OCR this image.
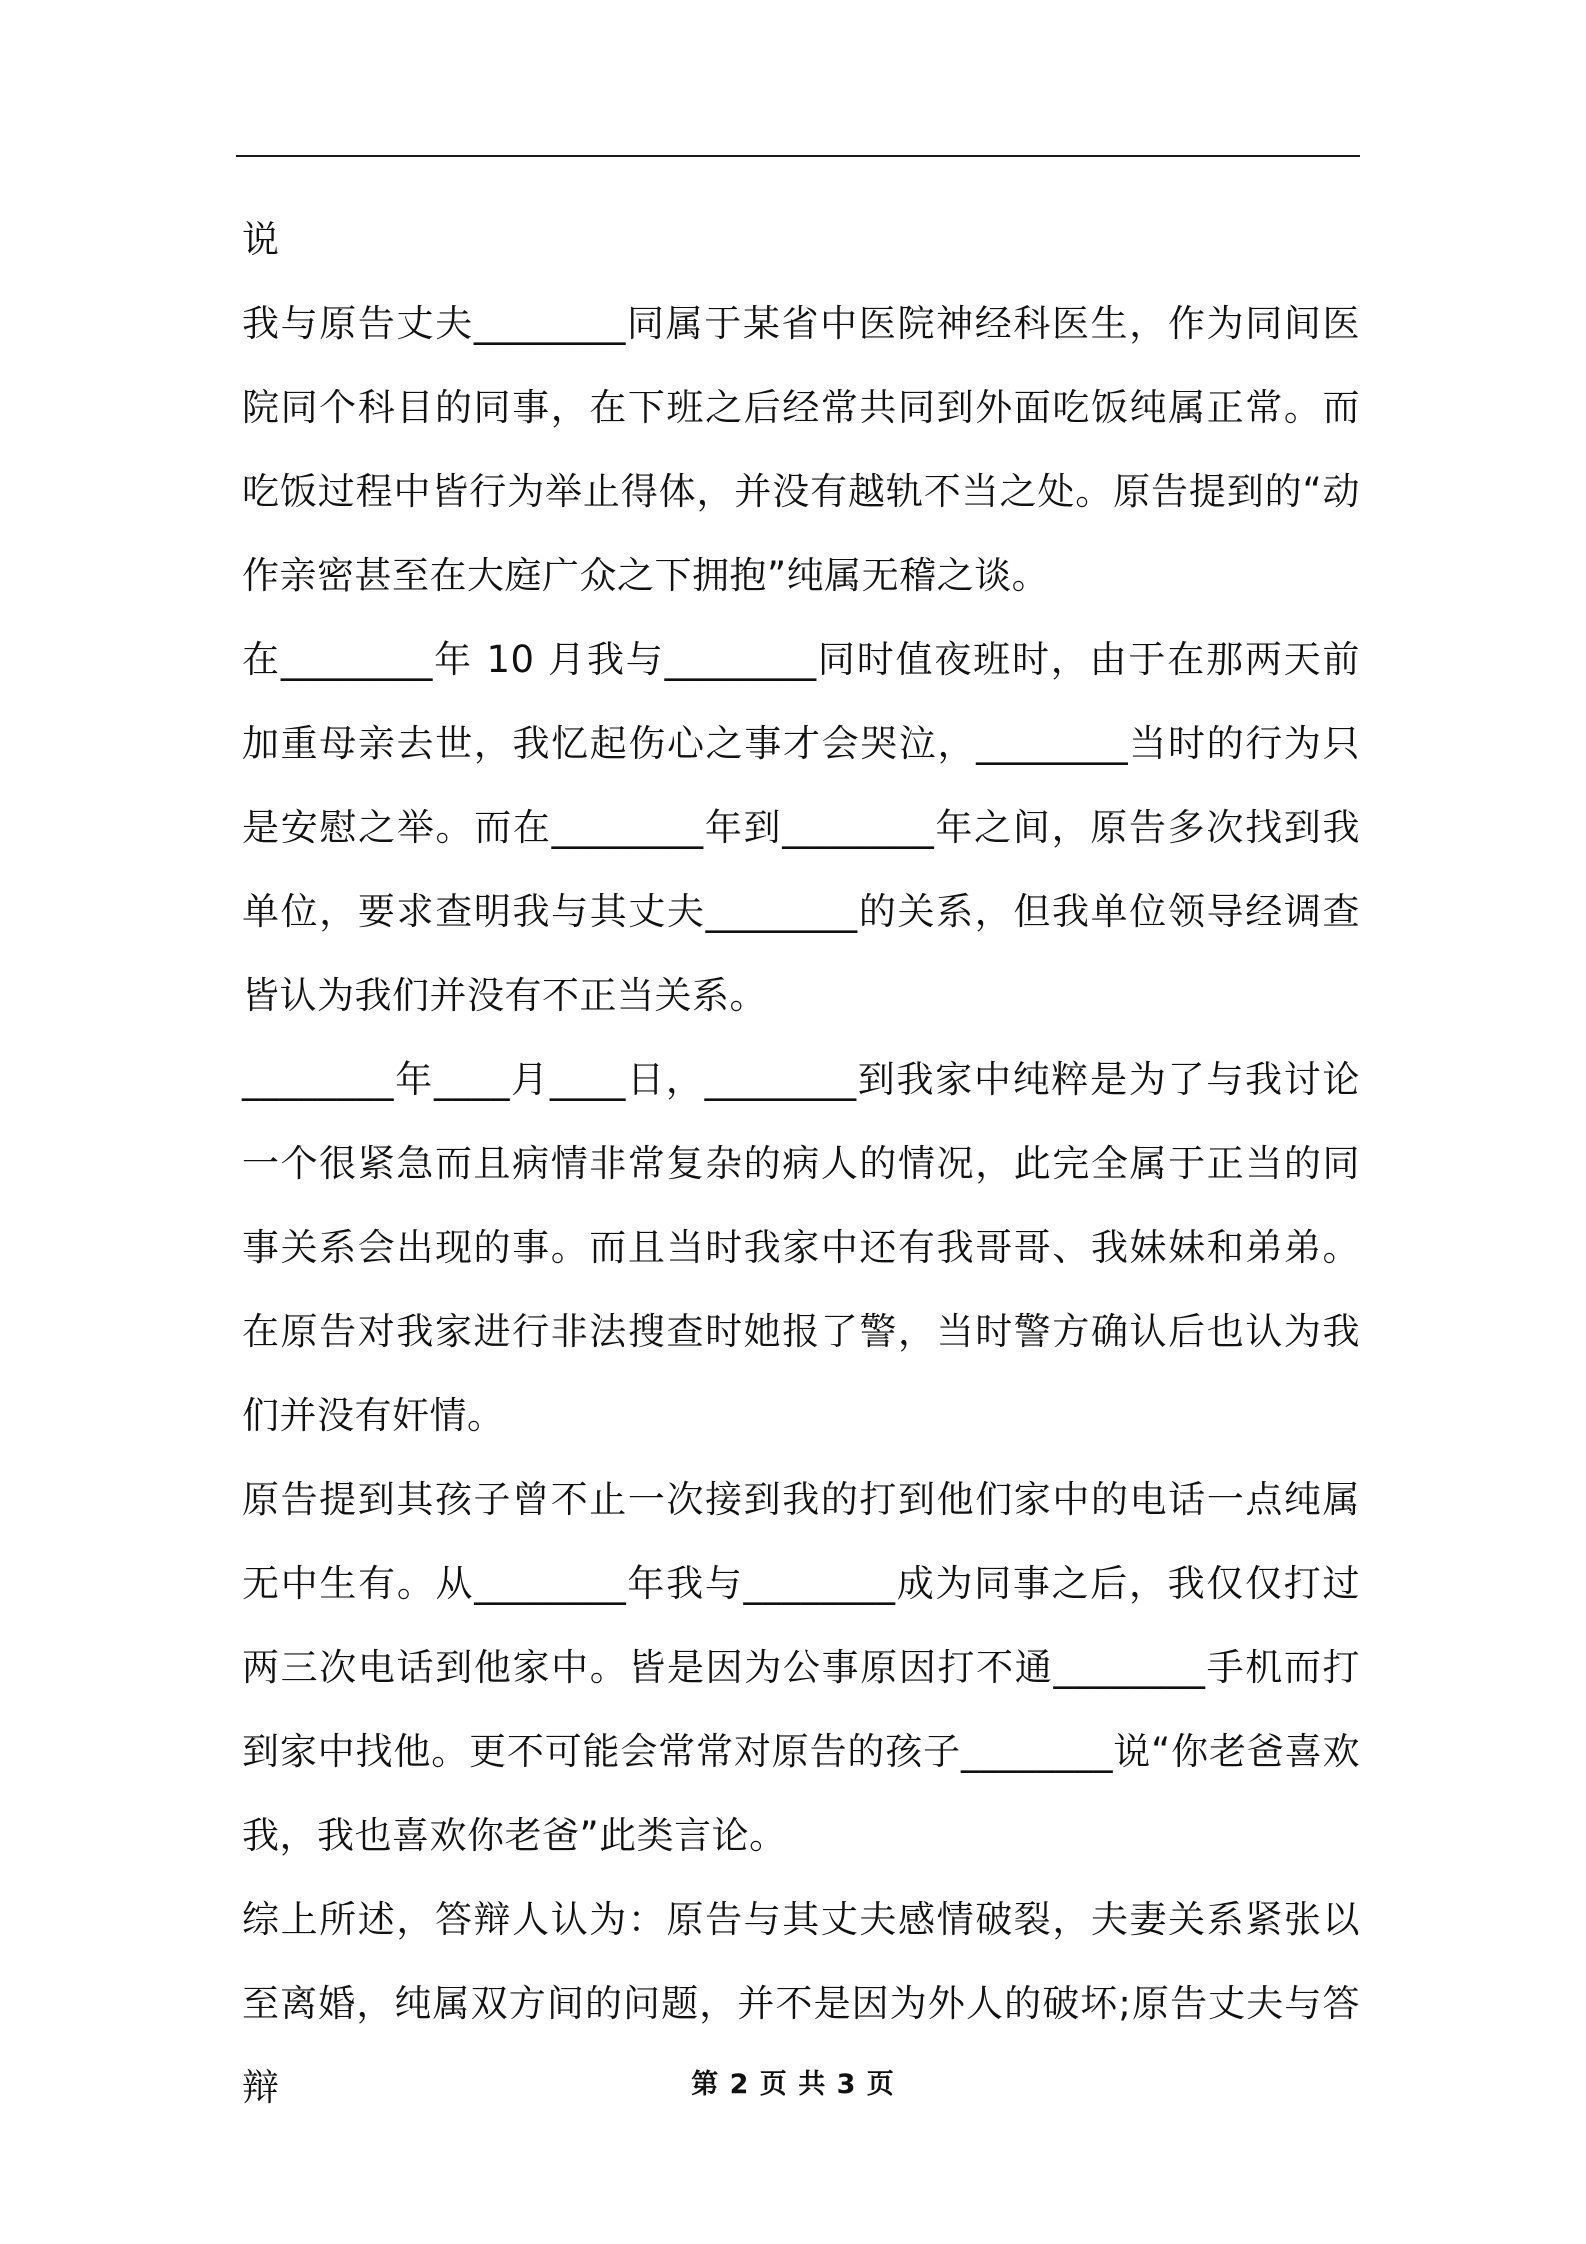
说

我与原告丈夫________同属于某省中医院神经科医生，作为同间医院同个科目的同事，在下班之后经常共同到外面吃饭纯属正常。而吃饭过程中皆行为举止得体，并没有越轨不当之处。原告提到的“动作亲密甚至在大庭广众之下拥抱”纯属无稽之谈。

在________年 10 月我与________同时值夜班时，由于在那两天前加重母亲去世，我忆起伤心之事才会哭泣，________当时的行为只是安慰之举。而在________年到________年之间，原告多次找到我单位，要求查明我与其丈夫________的关系，但我单位领导经调查皆认为我们并没有不正当关系。

________年____月____日，________到我家中纯粹是为了与我讨论一个很紧急而且病情非常复杂的病人的情况，此完全属于正当的同事关系会出现的事。而且当时我家中还有我哥哥、我妹妹和弟弟。在原告对我家进行非法搜查时她报了警，当时警方确认后也认为我们并没有奸情。

原告提到其孩子曾不止一次接到我的打到他们家中的电话一点纯属无中生有。从________年我与________成为同事之后，我仅仅打过两三次电话到他家中。皆是因为公事原因打不通________手机而打到家中找他。更不可能会常常对原告的孩子________说“你老爸喜欢我，我也喜欢你老爸”此类言论。

综上所述，答辩人认为：原告与其丈夫感情破裂，夫妻关系紧张以至离婚，纯属双方间的问题，并不是因为外人的破坏;原告丈夫与答辩	第 2 页 共 3 页
